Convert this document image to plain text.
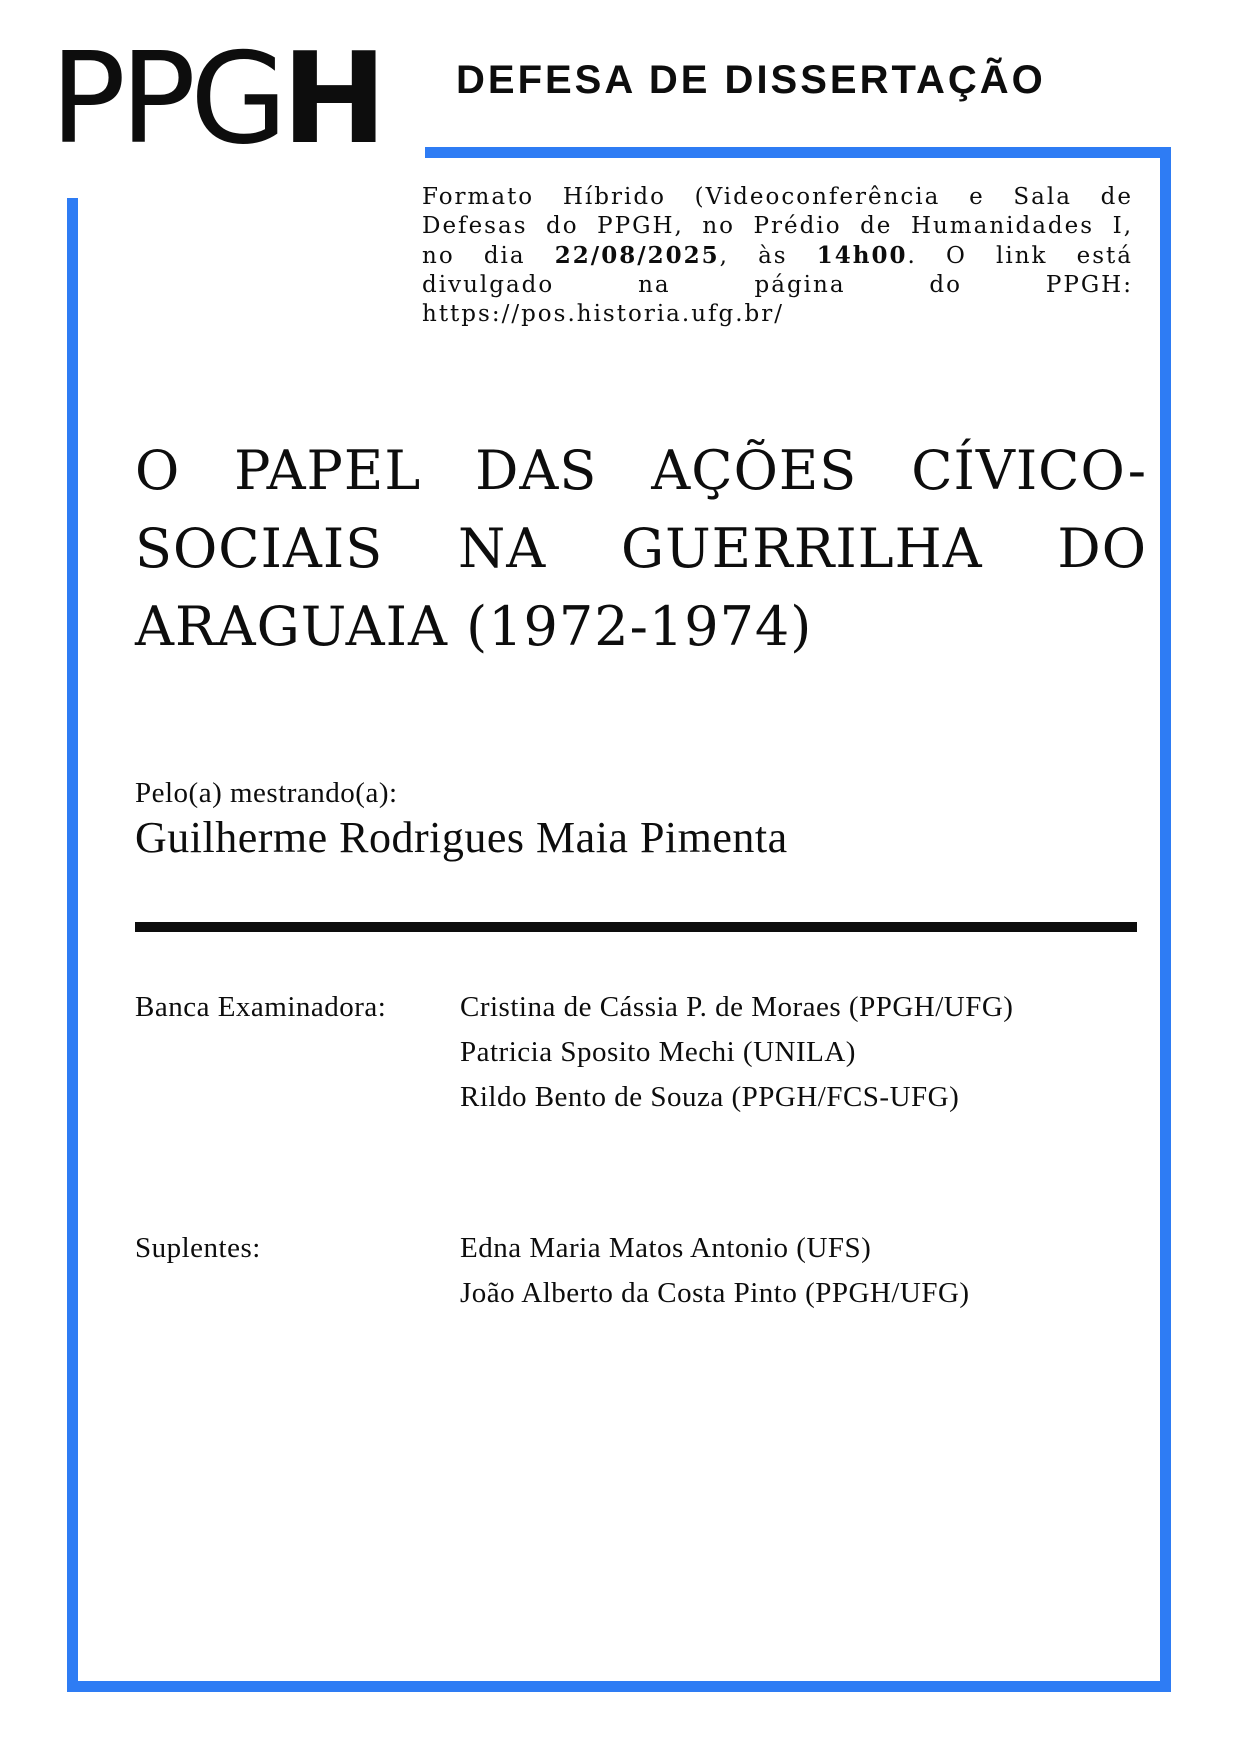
PPGH DEFESA DE DISSERTAÇÃO
Formato Híbrido (Videoconferência e Sala de
Defesas do PPGH, no Prédio de Humanidades I,
no dia 22/08/2025, às 14h00. O link está
divulgado na página do PPGH:
https://pos.historia.ufg.br/
O PAPEL DAS AÇÕES CÍVICO-
SOCIAIS NA GUERRILHA DO
ARAGUAIA (1972-1974)
Pelo(a) mestrando(a):
Guilherme Rodrigues Maia Pimenta
Banca Examinadora:	Cristina de Cássia P. de Moraes (PPGH/UFG)
Patricia Sposito Mechi (UNILA)
Rildo Bento de Souza (PPGH/FCS-UFG)
Suplentes:	Edna Maria Matos Antonio (UFS)
João Alberto da Costa Pinto (PPGH/UFG)
